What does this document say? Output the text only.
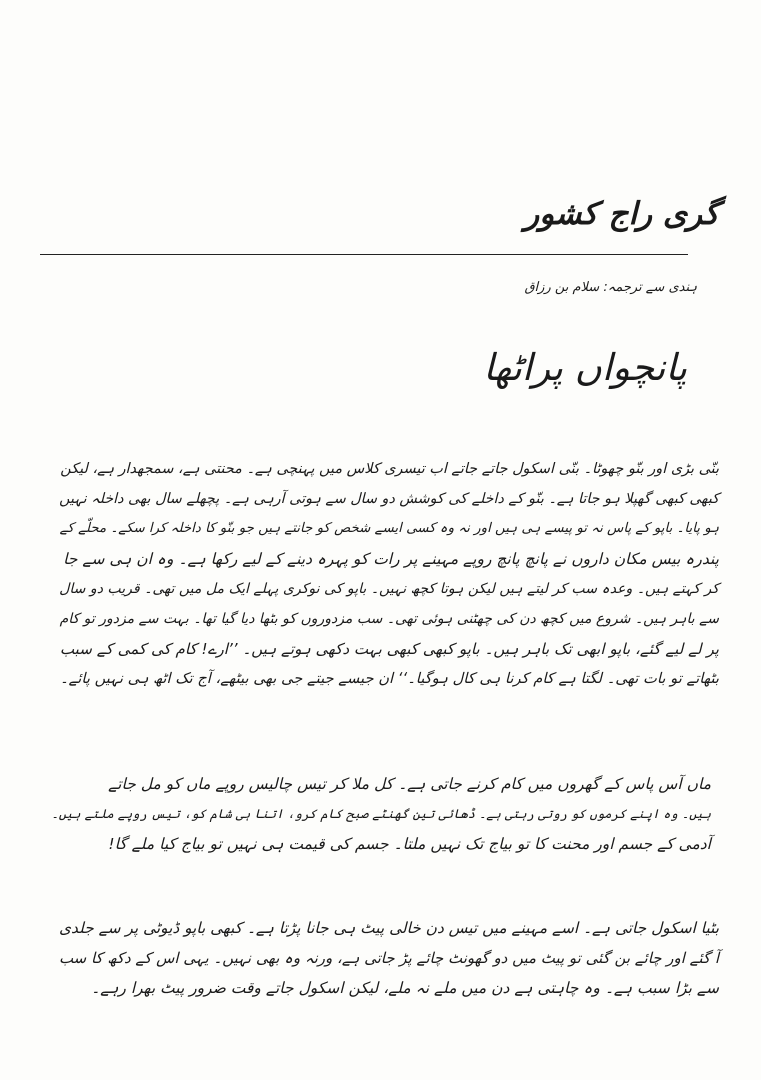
گری راج کشور
ہندی سے ترجمہ: سلام بن رزاق
پانچواں پراٹھا
بنّی بڑی اور بنّو چھوٹا۔ بنّی اسکول جاتے جاتے اب تیسری کلاس میں پہنچی ہے۔ محنتی ہے، سمجھدار ہے، لیکن
کبھی کبھی گھپلا ہو جاتا ہے۔ بنّو کے داخلے کی کوشش دو سال سے ہوتی آرہی ہے۔ پچھلے سال بھی داخلہ نہیں
ہو پایا۔ باپو کے پاس نہ تو پیسے ہی ہیں اور نہ وہ کسی ایسے شخص کو جانتے ہیں جو بنّو کا داخلہ کرا سکے۔ محلّے کے
پندرہ بیس مکان داروں نے پانچ پانچ روپے مہینے پر رات کو پہرہ دینے کے لیے رکھا ہے۔ وہ ان ہی سے جا
کر کہتے ہیں۔ وعدہ سب کر لیتے ہیں لیکن ہوتا کچھ نہیں۔ باپو کی نوکری پہلے ایک مل میں تھی۔ قریب دو سال
سے باہر ہیں۔ شروع میں کچھ دن کی چھٹنی ہوئی تھی۔ سب مزدوروں کو بٹھا دیا گیا تھا۔ بہت سے مزدور تو کام
پر لے لیے گئے، باپو ابھی تک باہر ہیں۔ باپو کبھی کبھی بہت دکھی ہوتے ہیں۔ ’’ارے! کام کی کمی کے سبب
بٹھاتے تو بات تھی۔ لگتا ہے کام کرنا ہی کال ہوگیا۔‘‘ ان جیسے جیتے جی بھی بیٹھے، آج تک اٹھ ہی نہیں پائے۔
ماں آس پاس کے گھروں میں کام کرنے جاتی ہے۔ کل ملا کر تیس چالیس روپے ماں کو مل جاتے
ہیں۔ وہ اپنے کرموں کو روتی رہتی ہے۔ ڈھائی تین گھنٹے صبح کام کرو، اتنا ہی شام کو، تیس روپے ملتے ہیں۔
آدمی کے جسم اور محنت کا تو بیاج تک نہیں ملتا۔ جسم کی قیمت ہی نہیں تو بیاج کیا ملے گا!
بٹیا اسکول جاتی ہے۔ اسے مہینے میں تیس دن خالی پیٹ ہی جانا پڑتا ہے۔ کبھی باپو ڈیوٹی پر سے جلدی
آ گئے اور چائے بن گئی تو پیٹ میں دو گھونٹ چائے پڑ جاتی ہے، ورنہ وہ بھی نہیں۔ یہی اس کے دکھ کا سب
سے بڑا سبب ہے۔ وہ چاہتی ہے دن میں ملے نہ ملے، لیکن اسکول جاتے وقت ضرور پیٹ بھرا رہے۔
